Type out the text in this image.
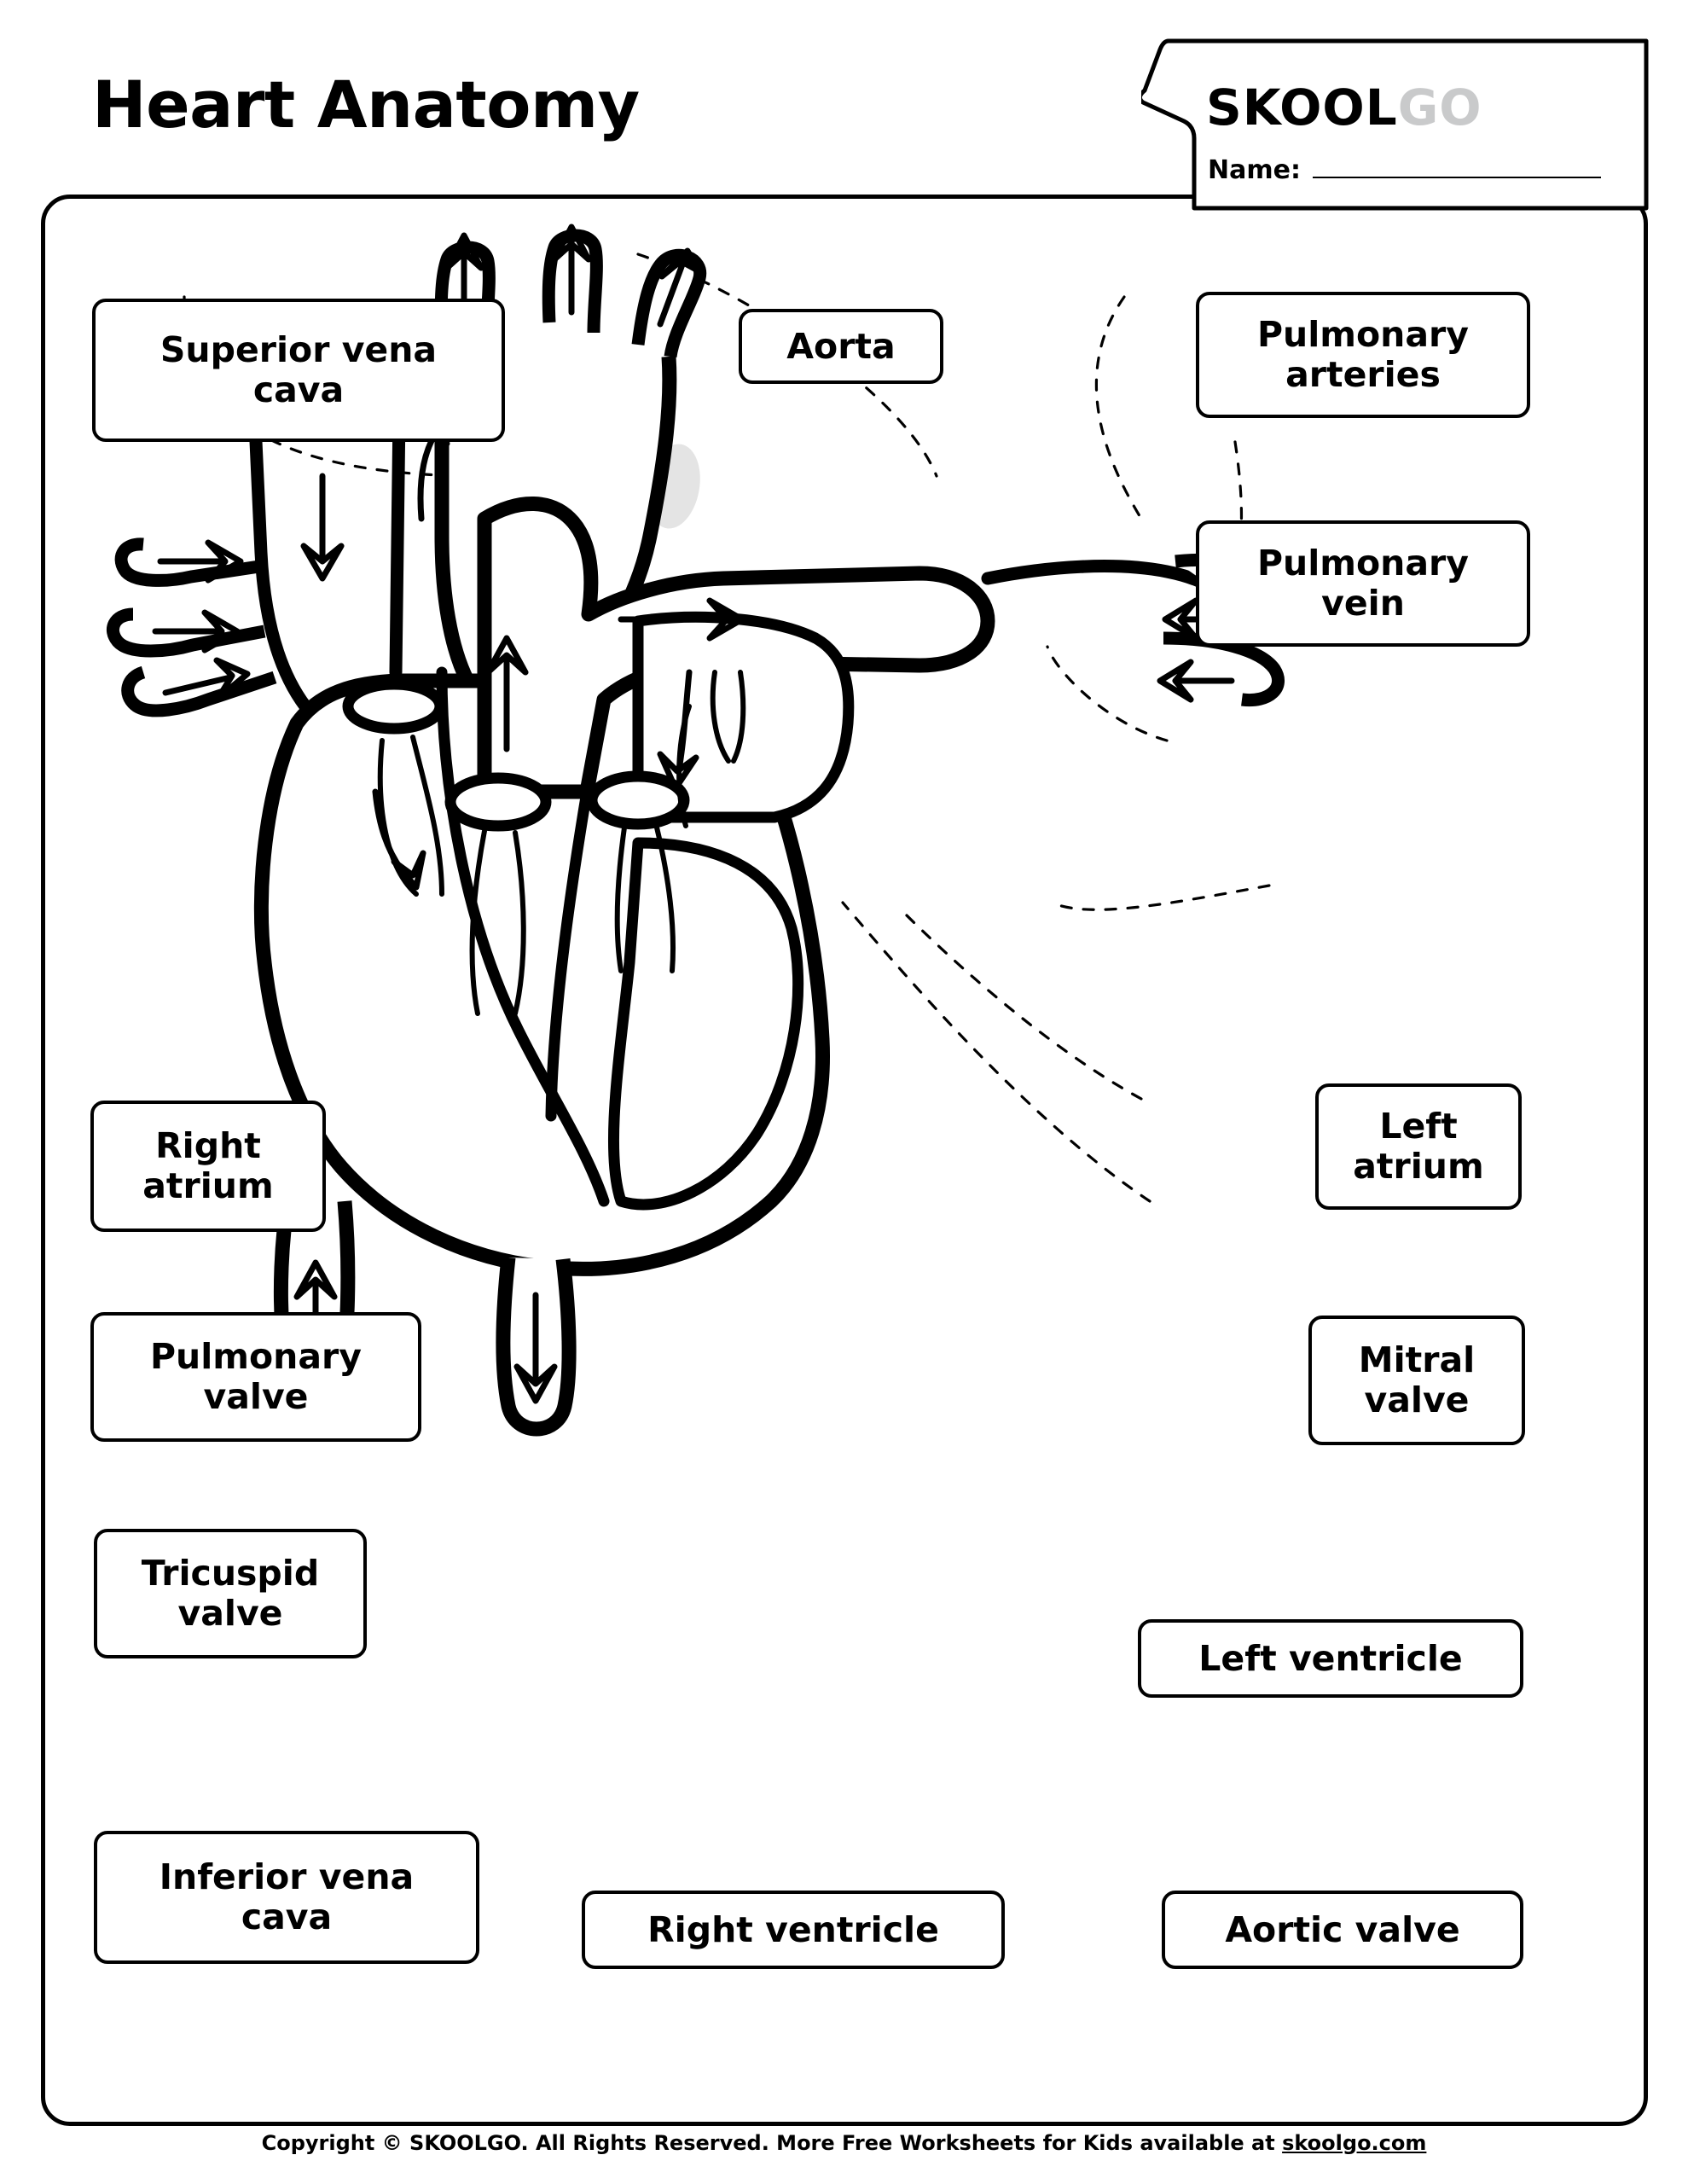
Heart Anatomy	SKOOLGO
Name:
Superior vena cava
Aorta	Pulmonary arteries
Pulmonary vein
Right atrium
Left atrium
Pulmonary valve
Mitral valve
Tricuspid valve
Left ventricle
Inferior vena cava	Right ventricle	Aortic valve
Copyright © SKOOLGO. All Rights Reserved. More Free Worksheets for Kids available at skoolgo.com
